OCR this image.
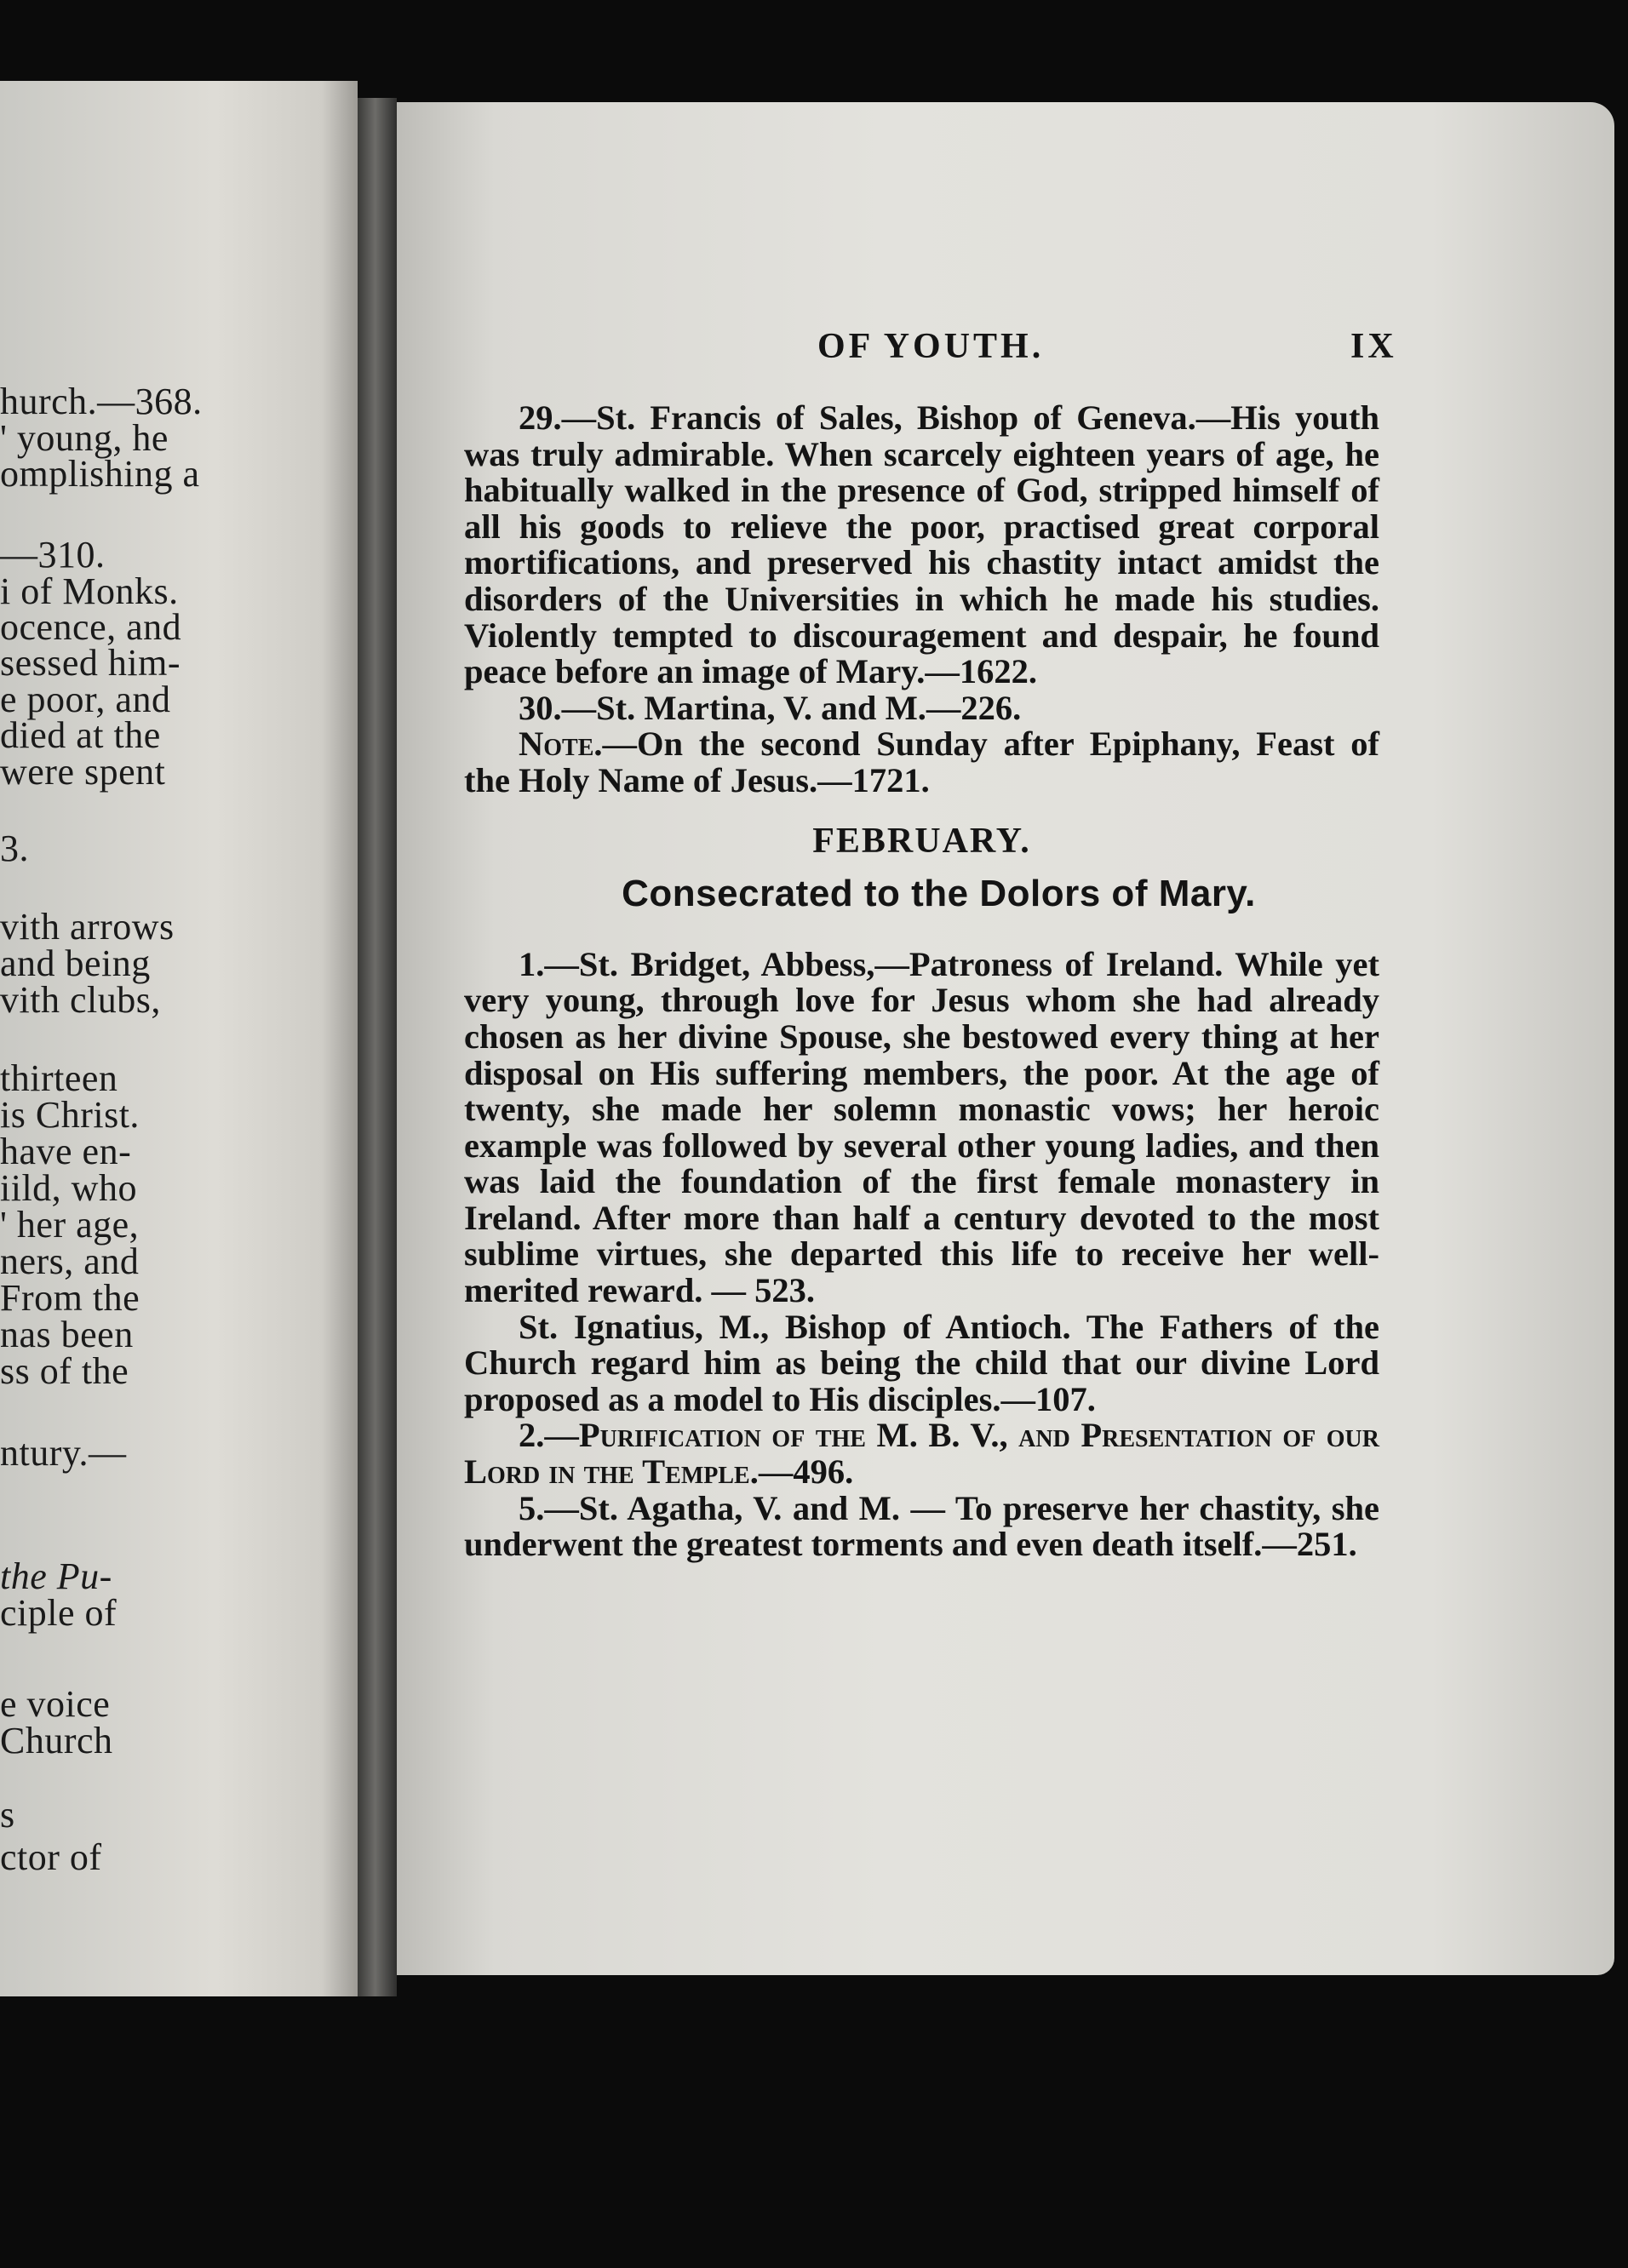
hurch.—368.
' young, he
omplishing a
—310.
i of Monks.
ocence, and
sessed him-
e poor, and
died at the
were spent
3.
vith arrows
and being
vith clubs,
thirteen
is Christ.
have en-
iild, who
' her age,
ners, and
From the
nas been
ss of the
ntury.—
the Pu-
ciple of
e voice
Church
s
ctor of
OF YOUTH.	IX

29.—St. Francis of Sales, Bishop of Geneva.—His youth was truly admirable. When scarcely eighteen years of age, he habitually walked in the presence of God, stripped himself of all his goods to relieve the poor, practised great corporal mortifications, and preserved his chastity intact amidst the disorders of the Universities in which he made his studies. Violently tempted to discouragement and despair, he found peace before an image of Mary.—1622.

30.—St. Martina, V. and M.—226.

Note.—On the second Sunday after Epiphany, Feast of the Holy Name of Jesus.—1721.

FEBRUARY.
Consecrated to the Dolors of Mary.

1.—St. Bridget, Abbess,—Patroness of Ireland. While yet very young, through love for Jesus whom she had already chosen as her divine Spouse, she bestowed every thing at her disposal on His suffering members, the poor. At the age of twenty, she made her solemn monastic vows; her heroic example was followed by several other young ladies, and then was laid the foundation of the first female monastery in Ireland. After more than half a century devoted to the most sublime virtues, she departed this life to receive her well-merited reward. — 523.

St. Ignatius, M., Bishop of Antioch. The Fathers of the Church regard him as being the child that our divine Lord proposed as a model to His disciples.—107.

2.—Purification of the M. B. V., and Presentation of our Lord in the Temple.—496.

5.—St. Agatha, V. and M. — To preserve her chastity, she underwent the greatest torments and even death itself.—251.
